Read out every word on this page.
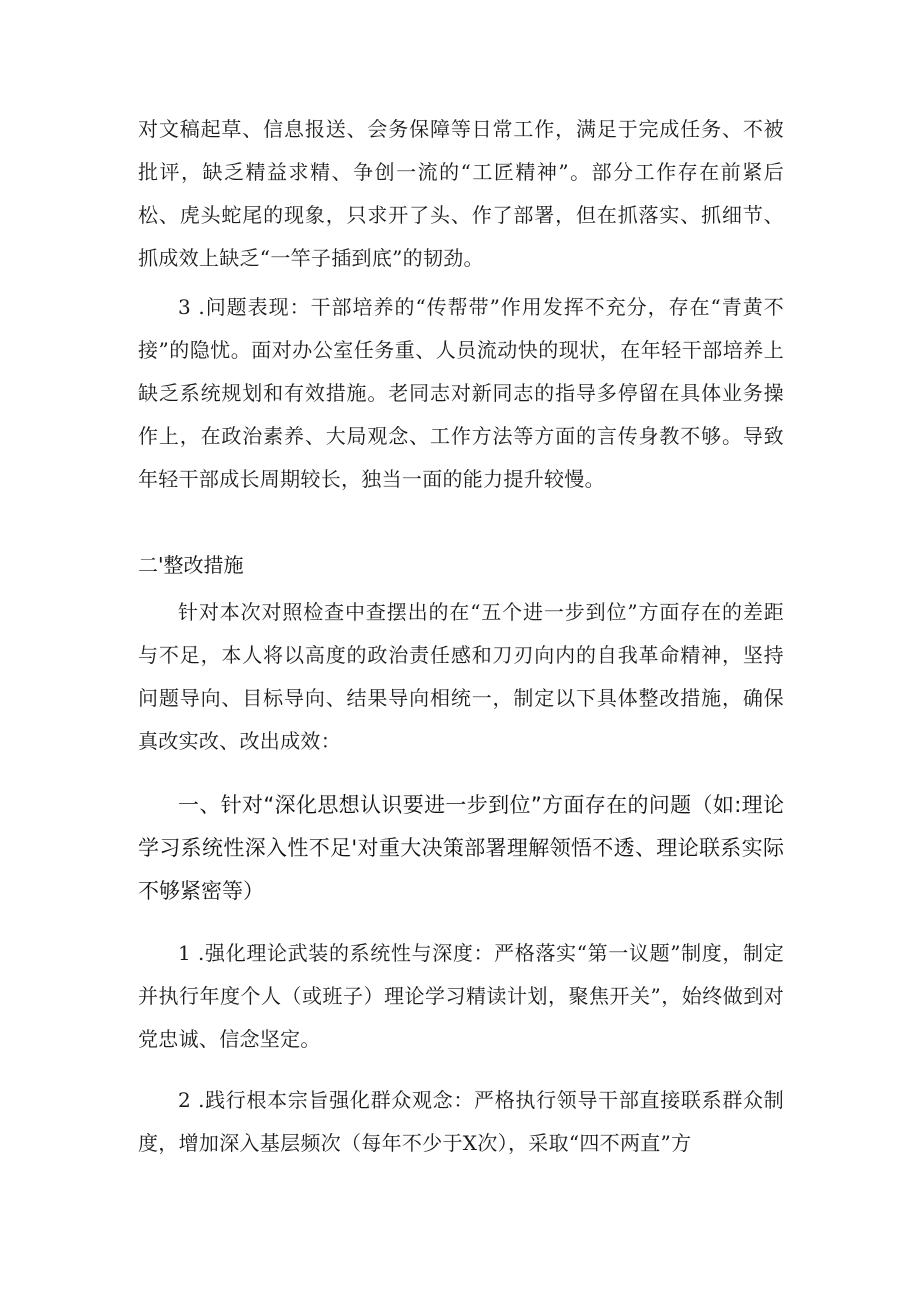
对文稿起草、信息报送、会务保障等日常工作，满足于完成任务、不被批评，缺乏精益求精、争创一流的“工匠精神”。部分工作存在前紧后松、虎头蛇尾的现象，只求开了头、作了部署，但在抓落实、抓细节、抓成效上缺乏“一竿子插到底”的韧劲。

3 .问题表现：干部培养的“传帮带”作用发挥不充分，存在“青黄不接”的隐忧。面对办公室任务重、人员流动快的现状，在年轻干部培养上缺乏系统规划和有效措施。老同志对新同志的指导多停留在具体业务操作上，在政治素养、大局观念、工作方法等方面的言传身教不够。导致年轻干部成长周期较长，独当一面的能力提升较慢。

二'整改措施

针对本次对照检查中查摆出的在“五个进一步到位”方面存在的差距与不足，本人将以高度的政治责任感和刀刃向内的自我革命精神，坚持问题导向、目标导向、结果导向相统一，制定以下具体整改措施，确保真改实改、改出成效：

一、针对“深化思想认识要进一步到位”方面存在的问题（如:理论学习系统性深入性不足'对重大决策部署理解领悟不透、理论联系实际不够紧密等）

1 .强化理论武装的系统性与深度：严格落实“第一议题”制度，制定并执行年度个人（或班子）理论学习精读计划，聚焦开关”，始终做到对党忠诚、信念坚定。

2 .践行根本宗旨强化群众观念：严格执行领导干部直接联系群众制度，增加深入基层频次（每年不少于X次），采取“四不两直”方
